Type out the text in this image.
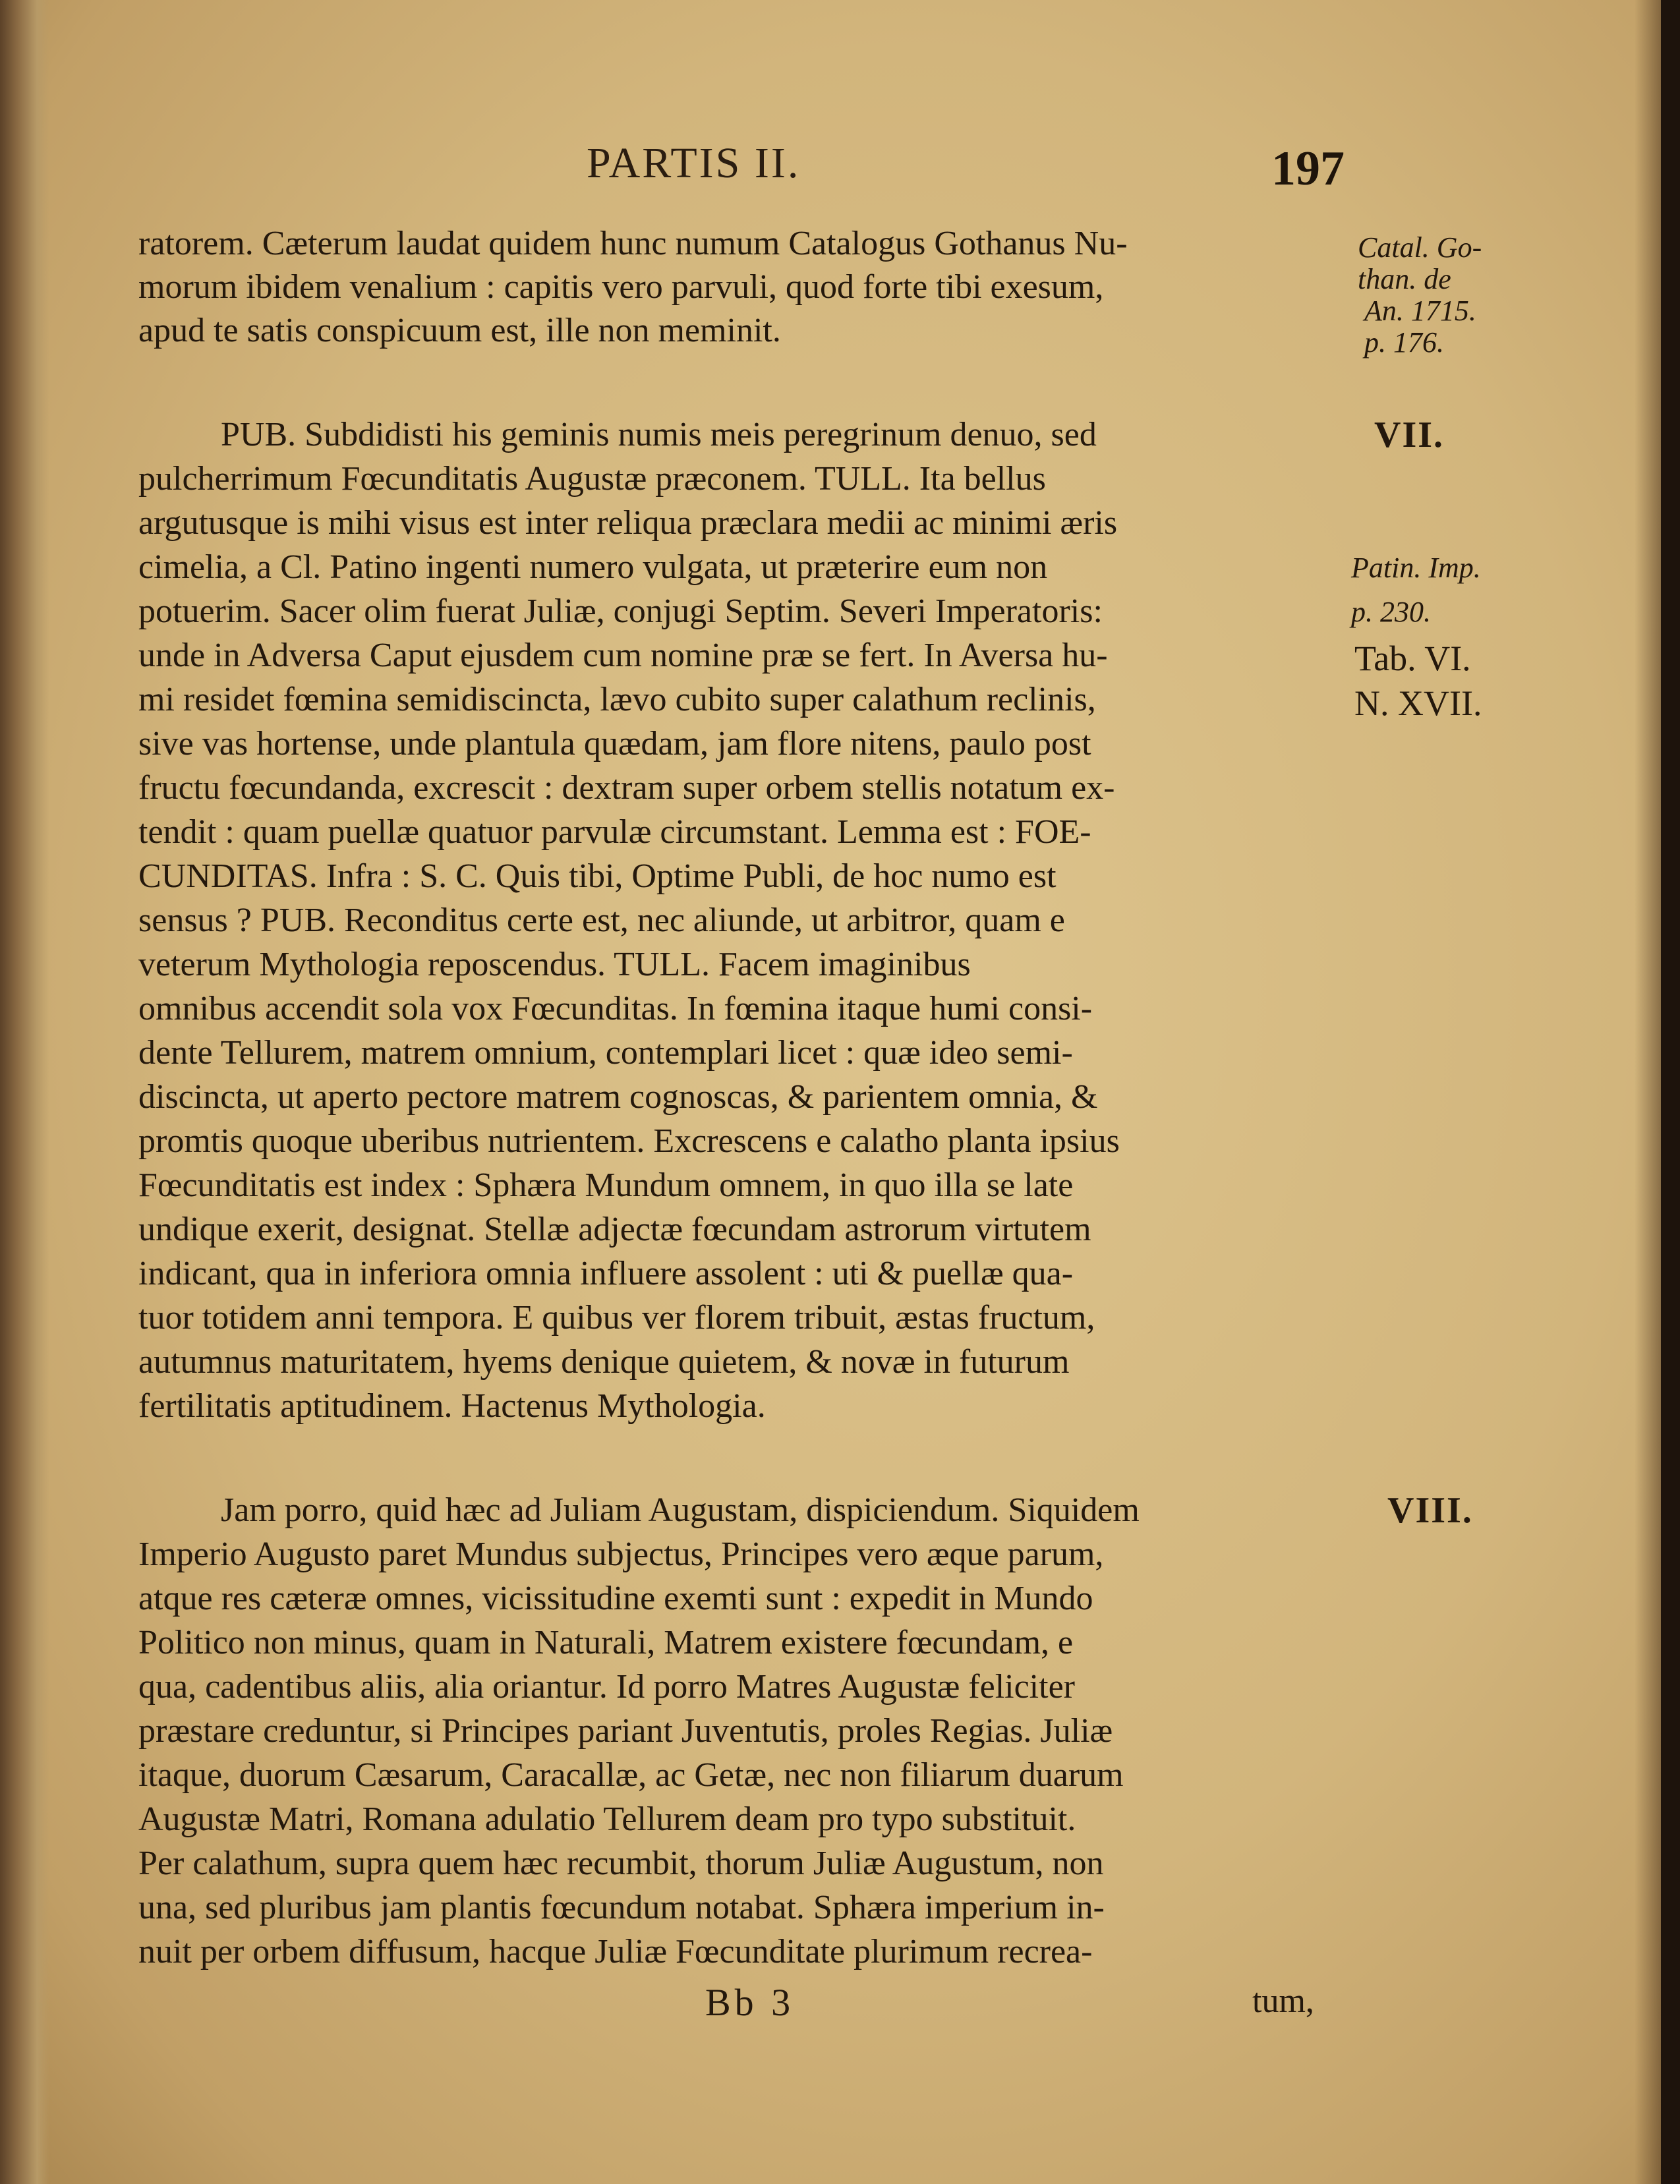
PARTIS II.	197
ratorem. Cæterum laudat quidem hunc numum Catalogus Gothanus Nu-
morum ibidem venalium : capitis vero parvuli, quod forte tibi exesum,
apud te satis conspicuum est, ille non meminit.
PUB. Subdidisti his geminis numis meis peregrinum denuo, sed
pulcherrimum Fœcunditatis Augustæ præconem. TULL. Ita bellus
argutusque is mihi visus est inter reliqua præclara medii ac minimi æris
cimelia, a Cl. Patino ingenti numero vulgata, ut præterire eum non
potuerim. Sacer olim fuerat Juliæ, conjugi Septim. Severi Imperatoris:
unde in Adversa Caput ejusdem cum nomine præ se fert. In Aversa hu-
mi residet fœmina semidiscincta, lævo cubito super calathum reclinis,
sive vas hortense, unde plantula quædam, jam flore nitens, paulo post
fructu fœcundanda, excrescit : dextram super orbem stellis notatum ex-
tendit : quam puellæ quatuor parvulæ circumstant. Lemma est : FOE-
CUNDITAS. Infra : S. C. Quis tibi, Optime Publi, de hoc numo est
sensus ? PUB. Reconditus certe est, nec aliunde, ut arbitror, quam e
veterum Mythologia reposcendus. TULL. Facem imaginibus
omnibus accendit sola vox Fœcunditas. In fœmina itaque humi consi-
dente Tellurem, matrem omnium, contemplari licet : quæ ideo semi-
discincta, ut aperto pectore matrem cognoscas, & parientem omnia, &
promtis quoque uberibus nutrientem. Excrescens e calatho planta ipsius
Fœcunditatis est index : Sphæra Mundum omnem, in quo illa se late
undique exerit, designat. Stellæ adjectæ fœcundam astrorum virtutem
indicant, qua in inferiora omnia influere assolent : uti & puellæ qua-
tuor totidem anni tempora. E quibus ver florem tribuit, æstas fructum,
autumnus maturitatem, hyems denique quietem, & novæ in futurum
fertilitatis aptitudinem. Hactenus Mythologia.
Jam porro, quid hæc ad Juliam Augustam, dispiciendum. Siquidem
Imperio Augusto paret Mundus subjectus, Principes vero æque parum,
atque res cæteræ omnes, vicissitudine exemti sunt : expedit in Mundo
Politico non minus, quam in Naturali, Matrem existere fœcundam, e
qua, cadentibus aliis, alia oriantur. Id porro Matres Augustæ feliciter
præstare creduntur, si Principes pariant Juventutis, proles Regias. Juliæ
itaque, duorum Cæsarum, Caracallæ, ac Getæ, nec non filiarum duarum
Augustæ Matri, Romana adulatio Tellurem deam pro typo substituit.
Per calathum, supra quem hæc recumbit, thorum Juliæ Augustum, non
una, sed pluribus jam plantis fœcundum notabat. Sphæra imperium in-
nuit per orbem diffusum, hacque Juliæ Fœcunditate plurimum recrea-
Catal. Go-
than. de
An. 1715.
p. 176.
VII.
Patin. Imp.
p. 230.
Tab. VI.
N. XVII.
VIII.
Bb 3	tum,
